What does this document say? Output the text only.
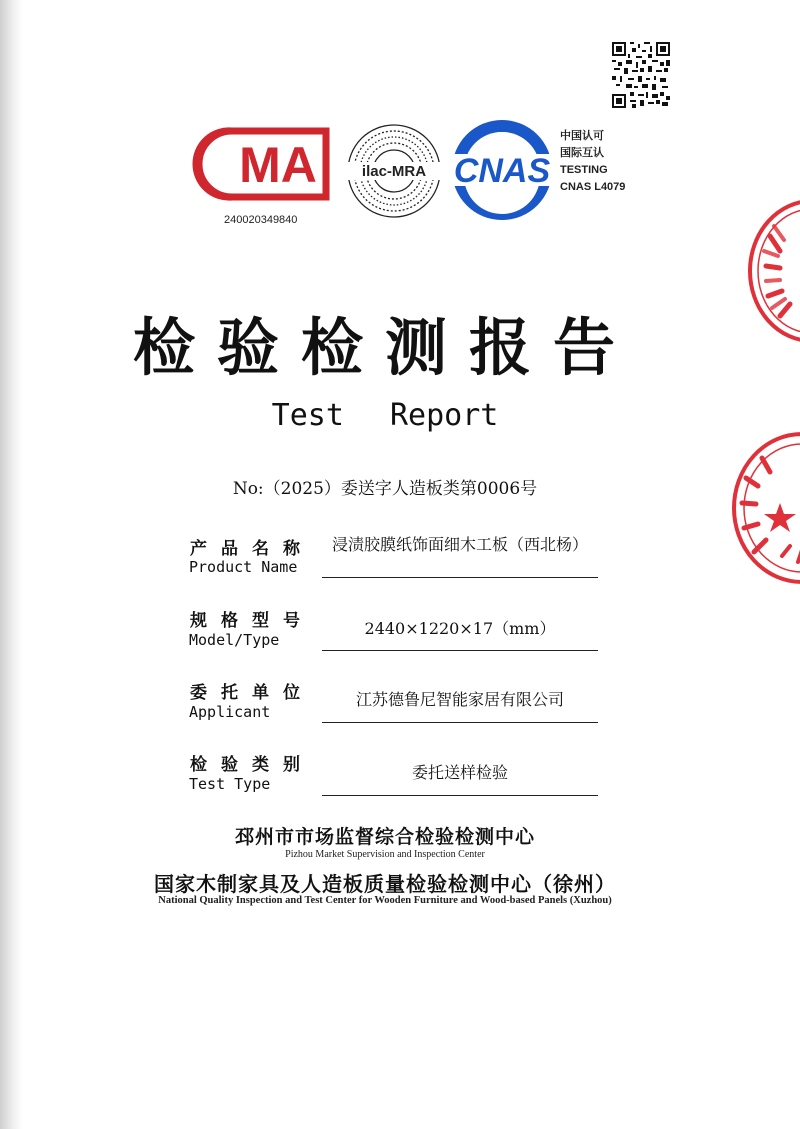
MA
240020349840
ilac-MRA CNAS
中国认可
国际互认
TESTING
CNAS L4079
检验检测报告
Test Report
No:（2025）委送字人造板类第0006号
产品名称
Product Name
浸渍胶膜纸饰面细木工板（西北杨）
规格型号
Model/Type
2440×1220×17（mm）
委托单位
Applicant
江苏德鲁尼智能家居有限公司
检验类别
Test Type
委托送样检验
邳州市市场监督综合检验检测中心
Pizhou Market Supervision and Inspection Center
国家木制家具及人造板质量检验检测中心（徐州）
National Quality Inspection and Test Center for Wooden Furniture and Wood-based Panels (Xuzhou)
